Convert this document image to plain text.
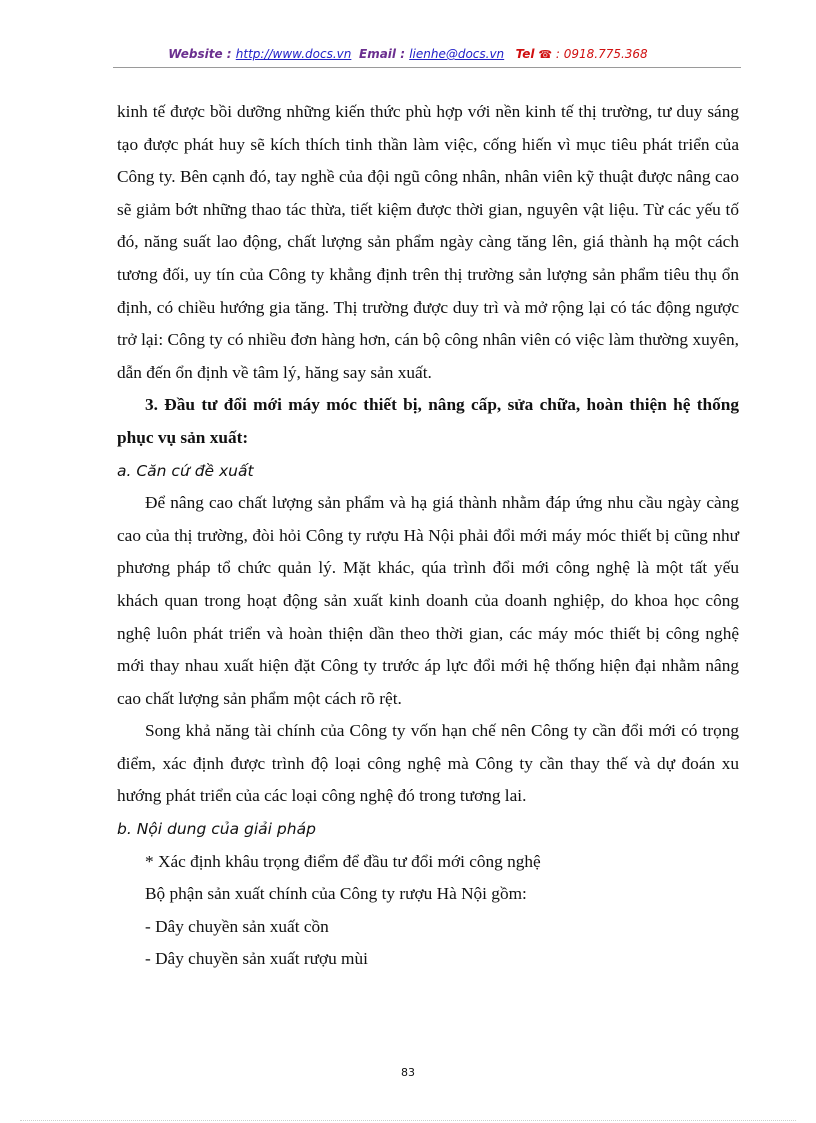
Website : http://www.docs.vn Email : lienhe@docs.vn Tel ☎ : 0918.775.368

kinh tế được bồi dưỡng những kiến thức phù hợp với nền kinh tế thị trường, tư duy sáng tạo được phát huy sẽ kích thích tinh thần làm việc, cống hiến vì mục tiêu phát triển của Công ty. Bên cạnh đó, tay nghề của đội ngũ công nhân, nhân viên kỹ thuật được nâng cao sẽ giảm bớt những thao tác thừa, tiết kiệm được thời gian, nguyên vật liệu. Từ các yếu tố đó, năng suất lao động, chất lượng sản phẩm ngày càng tăng lên, giá thành hạ một cách tương đối, uy tín của Công ty khẳng định trên thị trường sản lượng sản phẩm tiêu thụ ổn định, có chiều hướng gia tăng. Thị trường được duy trì và mở rộng lại có tác động ngược trở lại: Công ty có nhiều đơn hàng hơn, cán bộ công nhân viên có việc làm thường xuyên, dẫn đến ổn định về tâm lý, hăng say sản xuất.

3. Đầu tư đổi mới máy móc thiết bị, nâng cấp, sửa chữa, hoàn thiện hệ thống phục vụ sản xuất:

a. Căn cứ đề xuất

Để nâng cao chất lượng sản phẩm và hạ giá thành nhằm đáp ứng nhu cầu ngày càng cao của thị trường, đòi hỏi Công ty rượu Hà Nội phải đổi mới máy móc thiết bị cũng như phương pháp tổ chức quản lý. Mặt khác, qúa trình đổi mới công nghệ là một tất yếu khách quan trong hoạt động sản xuất kinh doanh của doanh nghiệp, do khoa học công nghệ luôn phát triển và hoàn thiện dần theo thời gian, các máy móc thiết bị công nghệ mới thay nhau xuất hiện đặt Công ty trước áp lực đổi mới hệ thống hiện đại nhằm nâng cao chất lượng sản phẩm một cách rõ rệt.

Song khả năng tài chính của Công ty vốn hạn chế nên Công ty cần đổi mới có trọng điểm, xác định được trình độ loại công nghệ mà Công ty cần thay thế và dự đoán xu hướng phát triển của các loại công nghệ đó trong tương lai.

b. Nội dung của giải pháp

* Xác định khâu trọng điểm để đầu tư đổi mới công nghệ

Bộ phận sản xuất chính của Công ty rượu Hà Nội gồm:

- Dây chuyền sản xuất cồn

- Dây chuyền sản xuất rượu mùi

83
